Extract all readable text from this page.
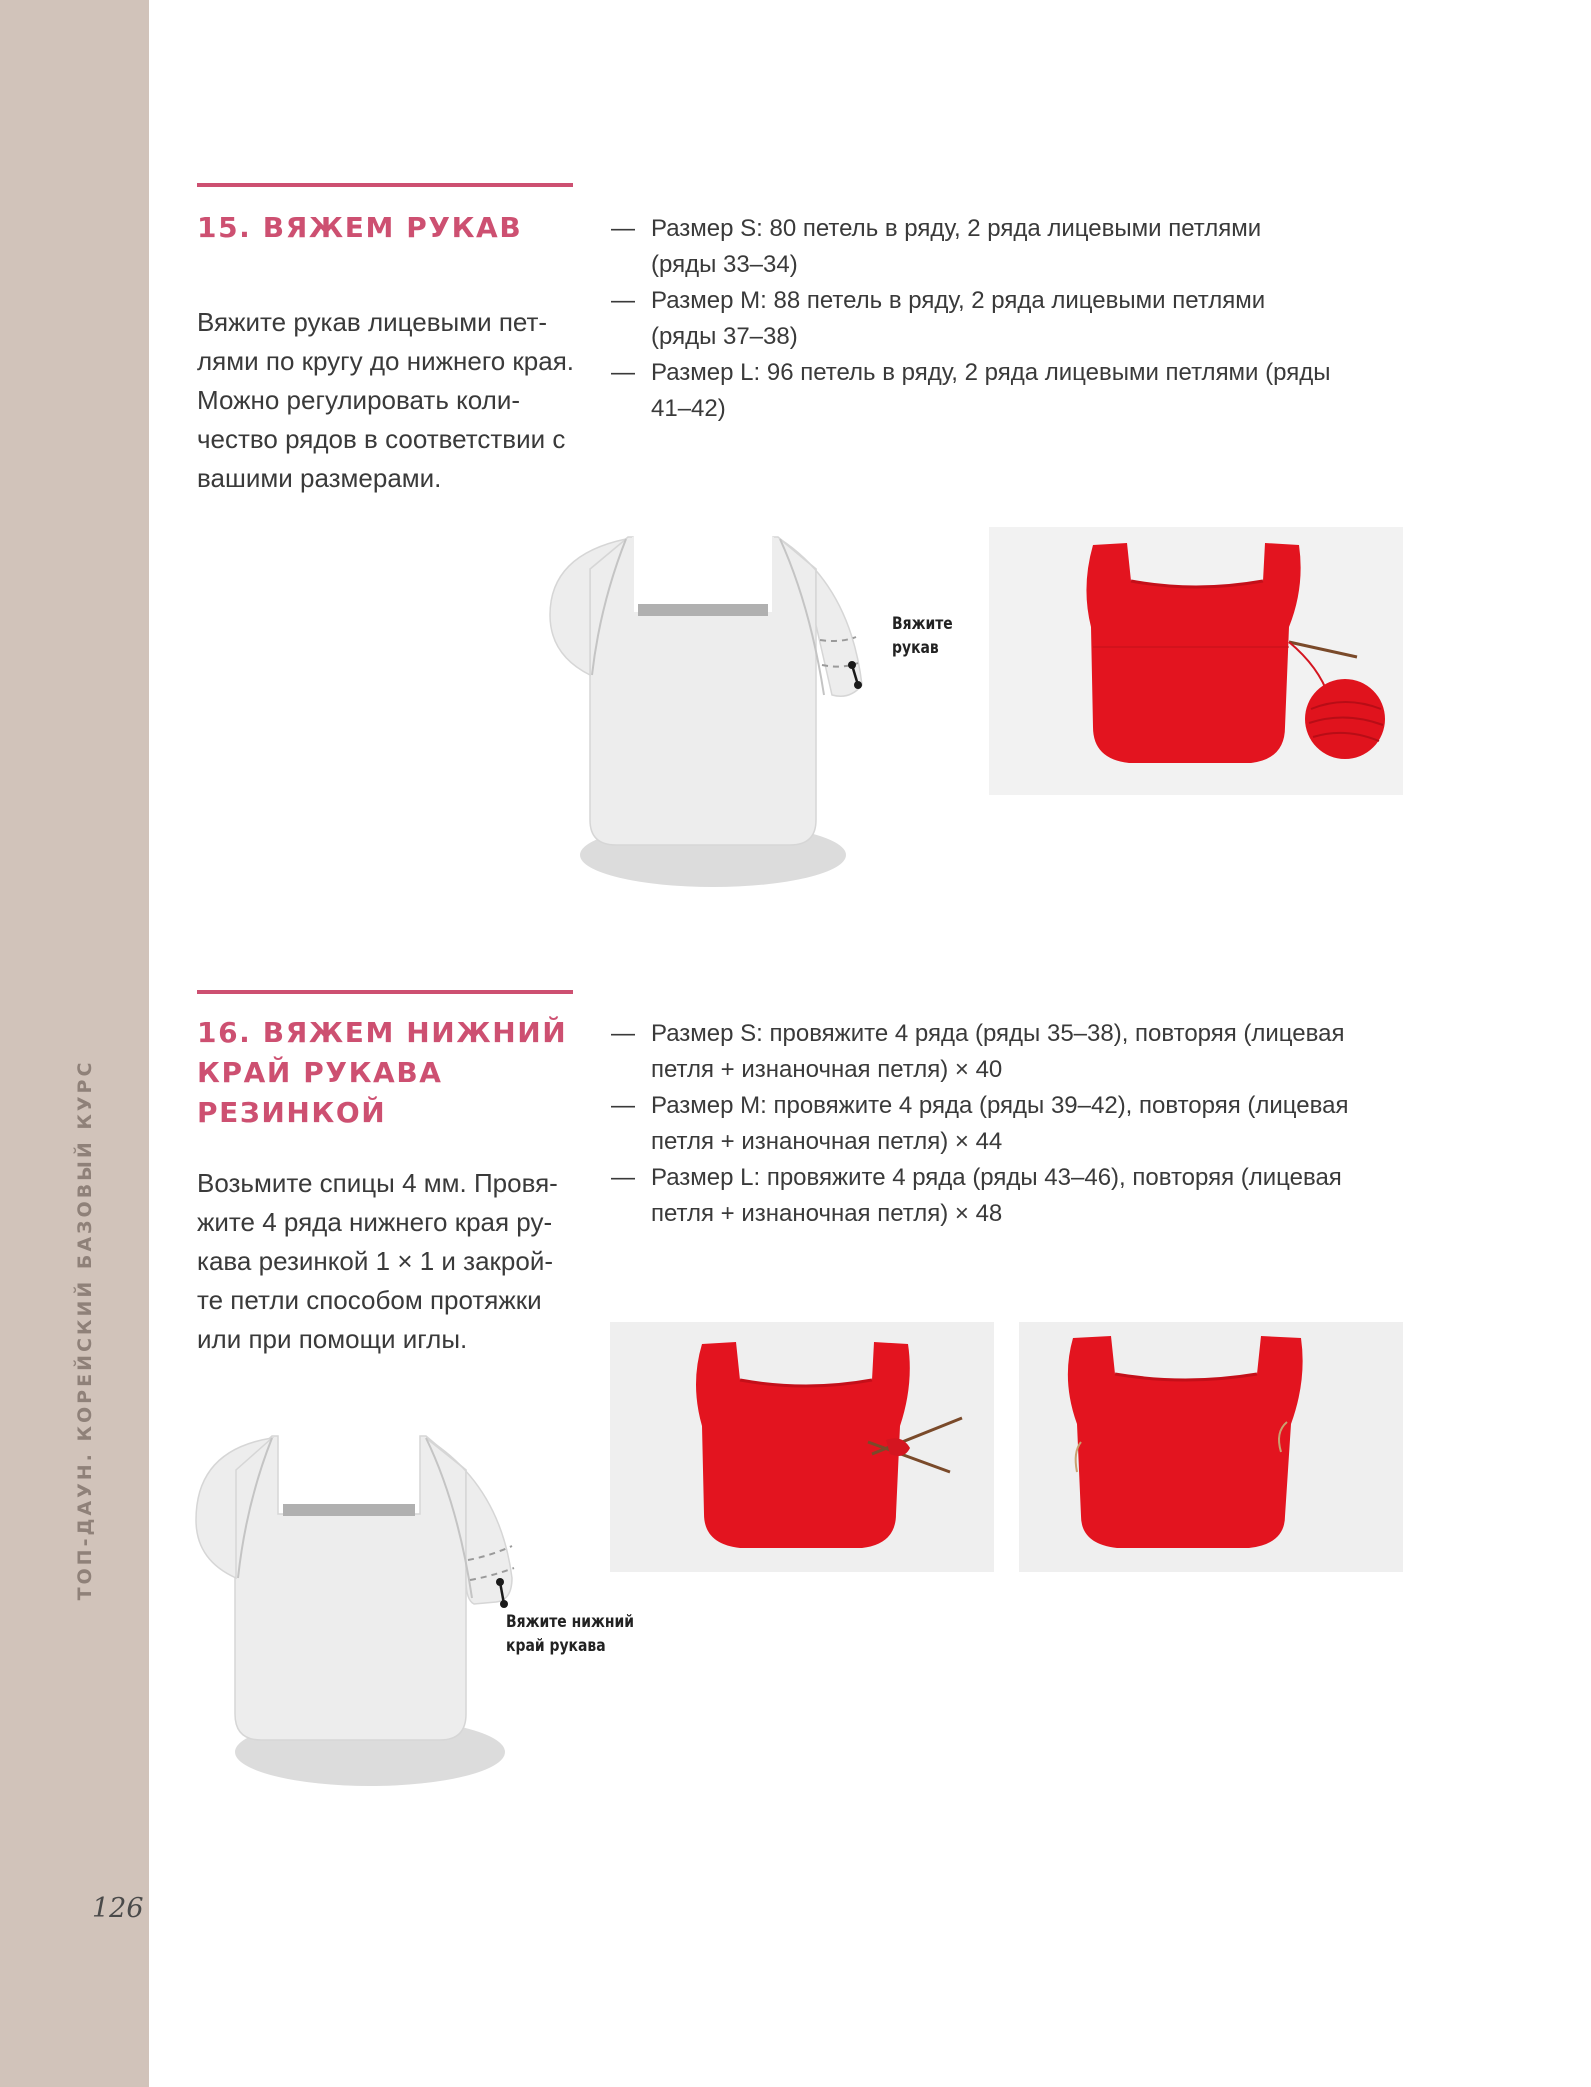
ТОП-ДАУН. КОРЕЙСКИЙ БАЗОВЫЙ КУРС
126
15. ВЯЖЕМ РУКАВ

Вяжите рукав лицевыми пет-лями по кругу до нижнего края.

Можно регулировать коли-чество рядов в соответствии с вашими размерами.

— Размер S: 80 петель в ряду, 2 ряда лицевыми петлями (ряды 33–34)
— Размер M: 88 петель в ряду, 2 ряда лицевыми петлями (ряды 37–38)
— Размер L: 96 петель в ряду, 2 ряда лицевыми петлями (ряды 41–42)
Вяжите
рукав
16. ВЯЖЕМ НИЖНИЙ КРАЙ РУКАВА РЕЗИНКОЙ

Возьмите спицы 4 мм. Провя-жите 4 ряда нижнего края ру-кава резинкой 1 × 1 и закрой-те петли способом протяжки или при помощи иглы.

— Размер S: провяжите 4 ряда (ряды 35–38), повторяя (лицевая петля + изнаночная петля) × 40
— Размер M: провяжите 4 ряда (ряды 39–42), повторяя (лицевая петля + изнаночная петля) × 44
— Размер L: провяжите 4 ряда (ряды 43–46), повторяя (лицевая петля + изнаночная петля) × 48
Вяжите нижний
край рукава
